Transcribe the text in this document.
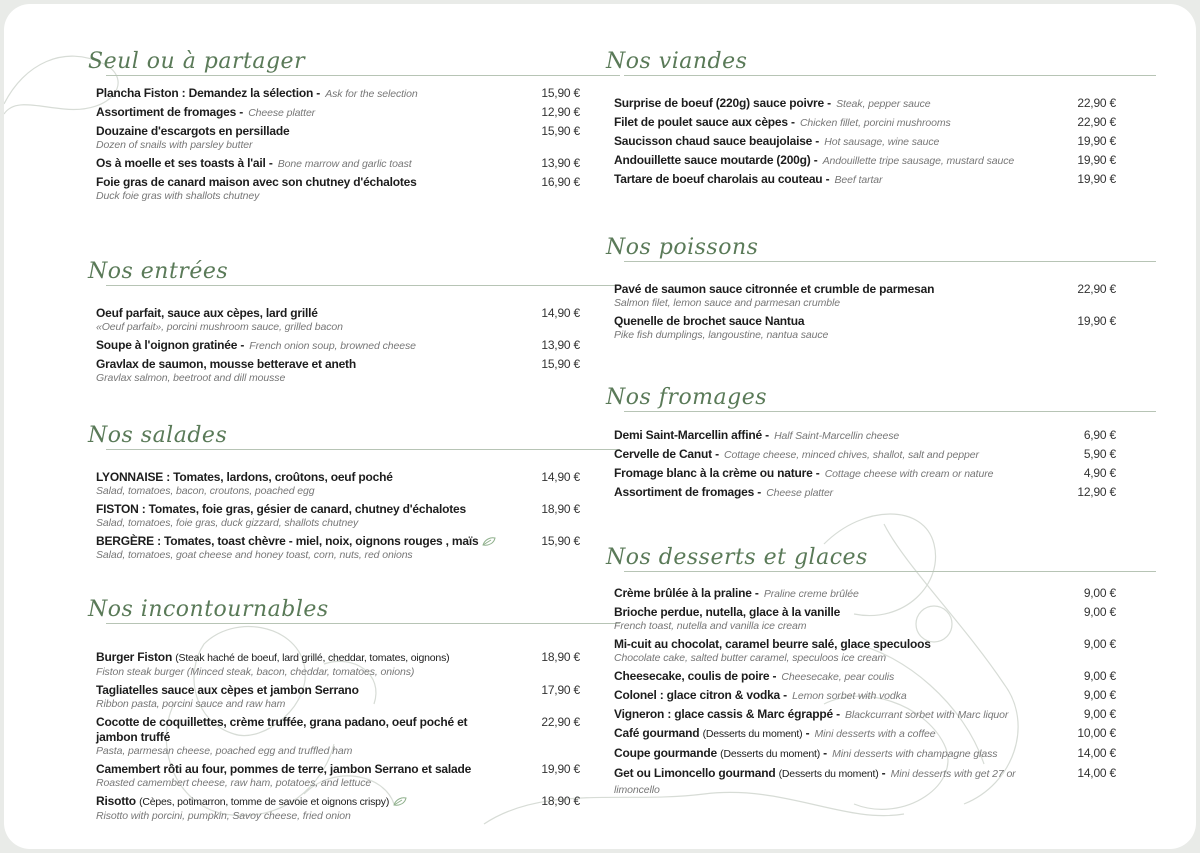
Seul ou à partager
Plancha Fiston : Demandez la sélection - Ask for the selection	15,90 €
Assortiment de fromages - Cheese platter	12,90 €
Douzaine d'escargots en persillade
Dozen of snails with parsley butter
15,90 €
Os à moelle et ses toasts à l'ail - Bone marrow and garlic toast	13,90 €
Foie gras de canard maison avec son chutney d'échalotes
Duck foie gras with shallots chutney
16,90 €
Nos entrées
Oeuf parfait, sauce aux cèpes, lard grillé
«Oeuf parfait», porcini mushroom sauce, grilled bacon
14,90 €
Soupe à l'oignon gratinée - French onion soup, browned cheese	13,90 €
Gravlax de saumon, mousse betterave et aneth
Gravlax salmon, beetroot and dill mousse
15,90 €
Nos salades
LYONNAISE : Tomates, lardons, croûtons, oeuf poché
Salad, tomatoes, bacon, croutons, poached egg
14,90 €
FISTON : Tomates, foie gras, gésier de canard, chutney d'échalotes
Salad, tomatoes, foie gras, duck gizzard, shallots chutney
18,90 €
BERGÈRE : Tomates, toast chèvre - miel, noix, oignons rouges , maïs
Salad, tomatoes, goat cheese and honey toast, corn, nuts, red onions
15,90 €
Nos incontournables
Burger Fiston (Steak haché de boeuf, lard grillé, cheddar, tomates, oignons)
Fiston steak burger (Minced steak, bacon, cheddar, tomatoes, onions)
18,90 €
Tagliatelles sauce aux cèpes et jambon Serrano
Ribbon pasta, porcini sauce and raw ham
17,90 €
Cocotte de coquillettes, crème truffée, grana padano, oeuf poché et jambon truffé
Pasta, parmesan cheese, poached egg and truffled ham
22,90 €
Camembert rôti au four, pommes de terre, jambon Serrano et salade
Roasted camembert cheese, raw ham, potatoes, and lettuce
19,90 €
Risotto (Cèpes, potimarron, tomme de savoie et oignons crispy)
Risotto with porcini, pumpkin, Savoy cheese, fried onion
18,90 €
Nos viandes
Surprise de boeuf (220g) sauce poivre - Steak, pepper sauce	22,90 €
Filet de poulet sauce aux cèpes - Chicken fillet, porcini mushrooms	22,90 €
Saucisson chaud sauce beaujolaise - Hot sausage, wine sauce	19,90 €
Andouillette sauce moutarde (200g) - Andouillette tripe sausage, mustard sauce	19,90 €
Tartare de boeuf charolais au couteau - Beef tartar	19,90 €
Nos poissons
Pavé de saumon sauce citronnée et crumble de parmesan
Salmon filet, lemon sauce and parmesan crumble
22,90 €
Quenelle de brochet sauce Nantua
Pike fish dumplings, langoustine, nantua sauce
19,90 €
Nos fromages
Demi Saint-Marcellin affiné - Half Saint-Marcellin cheese	6,90 €
Cervelle de Canut - Cottage cheese, minced chives, shallot, salt and pepper	5,90 €
Fromage blanc à la crème ou nature - Cottage cheese with cream or nature	4,90 €
Assortiment de fromages - Cheese platter	12,90 €
Nos desserts et glaces
Crème brûlée à la praline - Praline creme brûlée	9,00 €
Brioche perdue, nutella, glace à la vanille
French toast, nutella and vanilla ice cream
9,00 €
Mi-cuit au chocolat, caramel beurre salé, glace speculoos
Chocolate cake, salted butter caramel, speculoos ice cream
9,00 €
Cheesecake, coulis de poire - Cheesecake, pear coulis	9,00 €
Colonel : glace citron & vodka - Lemon sorbet with vodka	9,00 €
Vigneron : glace cassis & Marc égrappé - Blackcurrant sorbet with Marc liquor	9,00 €
Café gourmand (Desserts du moment) - Mini desserts with a coffee	10,00 €
Coupe gourmande (Desserts du moment) - Mini desserts with champagne glass	14,00 €
Get ou Limoncello gourmand (Desserts du moment) - Mini desserts with get 27 or limoncello
14,00 €
